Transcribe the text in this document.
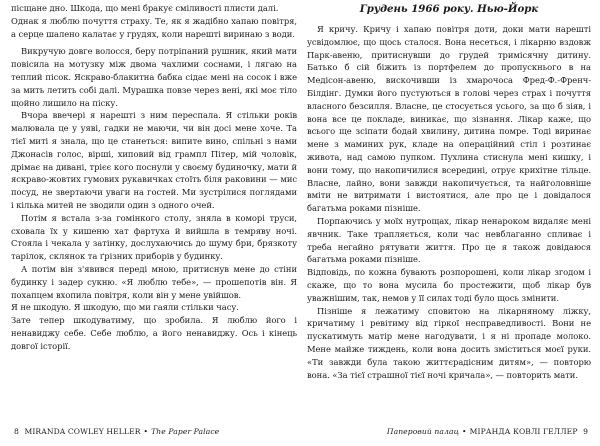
пісщане дно. Шкода, що мені бракує сміливості плисти далі.
Однак я люблю почуття страху. Те, як я жадібно хапаю повітря, а серце шалено калатає у грудях, коли нарешті виринаю з води.

Викручую довге волосся, беру потріпаний рушник, який мати повісила на мотузку між двома чахлими соснами, і лягаю на теплий пісок. Яскраво-блакитна бабка сідає мені на сосок і вже за мить летить собі далі. Мурашка повзе через вені, які моє тіло щойно лишило на піску.

Вчора ввечері я нарешті з ним переспала. Я стільки років малювала це у уяві, гадки не маючи, чи він досі мене хоче. Та тієї миті я знала, що це станеться: випите вино, спільні з нами Джонасів голос, вірші, хиповий від грампл Пітер, мій чоловік, дрімає на дивані, трієє кого поснули у своєму будиночку, мати й яскраво-жовтих гумових рукавичках стоїть біля раковини — мис посуд, не звертаючи уваги на гостей. Ми зустрілися поглядами і кілька митей не зводили один з одного очей.

Потім я встала з-за гомінкого столу, зняла в коморі труси, сховала їх у кишеню хат фартуха й вийшла в темряву ночі. Стояла і чекала у затінку, дослухаючись до шуму бри, брязкоту тарілок, склянок та ґрізних приборів у будинку.

А потім він з'явився переді мною, притиснув мене до стіни будинку і задер сукню. «Я люблю тебе», — прошепотів він. Я похапцем вхопила повітря, коли він у мене увійшов.
Я не шкодую. Я шкодую, що ми гаяли стільки часу.
Зате тепер шкодуватиму, що зробила. Я люблю його і ненавиджу себе. Себе люблю, а його ненавиджу. Ось і кінець довгої історії.

8 MIRANDA COWLEY HELLER • The Paper Palace
Грудень 1966 року. Нью-Йорк

Я кричу. Кричу і хапаю повітря доти, доки мати нарешті усвідомлює, що щось сталося. Вона несеться, і лікарню вздовж Парк-авеню, притиснувши до грудей тримісячну дитину. Батько б сій біжить із портфелем до пропускнього в на Медісон-авеню, вискочивши із хмарочоса Фред-Ф.-Френч-Білдінг. Думки його пустуються в голові через страх і почуття власного безсилля. Власне, це стосується усього, за що б зіяв, і вона все це покладе, виникає, що зізнання. Лікар каже, що всього ще зсіпати бодай хвилину, дитина помре. Тоді виринає мене з маминих рук, кладе на операційний стіл і розтинає живота, над самою пупком. Пухлина стиснула мені кишку, і вони тому, що накопичилися всередині, отрує крихітне тільце. Власне, лайно, вони завжди накопичується, та найголовніше вміти не витримати і вистоятися, але про це і довідалося багатьма роками пізніше.

Порпаючись у моїх нутрощах, лікар ненароком видаляє мені явчник. Таке трапляється, коли час невблаганно спливає і треба негайно рятувати життя. Про це я також довідаюся багатьма роками пізніше.
Відповідь, по кожна бувають розпорошені, коли лікар згодом і скаже, що то вона мусила бо простежити, щоб лікар був уважнішим, так, немов у її силах тоді було щось змінити.

Пізніше я лежатиму сповитою на лікарняному ліжку, кричатиму і ревітиму від гіркої несправедливості. Вони не пускатимуть матір мене нагодувати, і я ні пропаде молоко. Мене майже тиждень, коли вона досить зміститься моєї руки. «Ти завжди була такою життєрадісним дитям», — повторю вона. «За тієї страшної тієї ночі кричала», — повторить мати.

Паперовий палац • МІРАНДА КОВЛІ ГЕЛЛЕР 9
